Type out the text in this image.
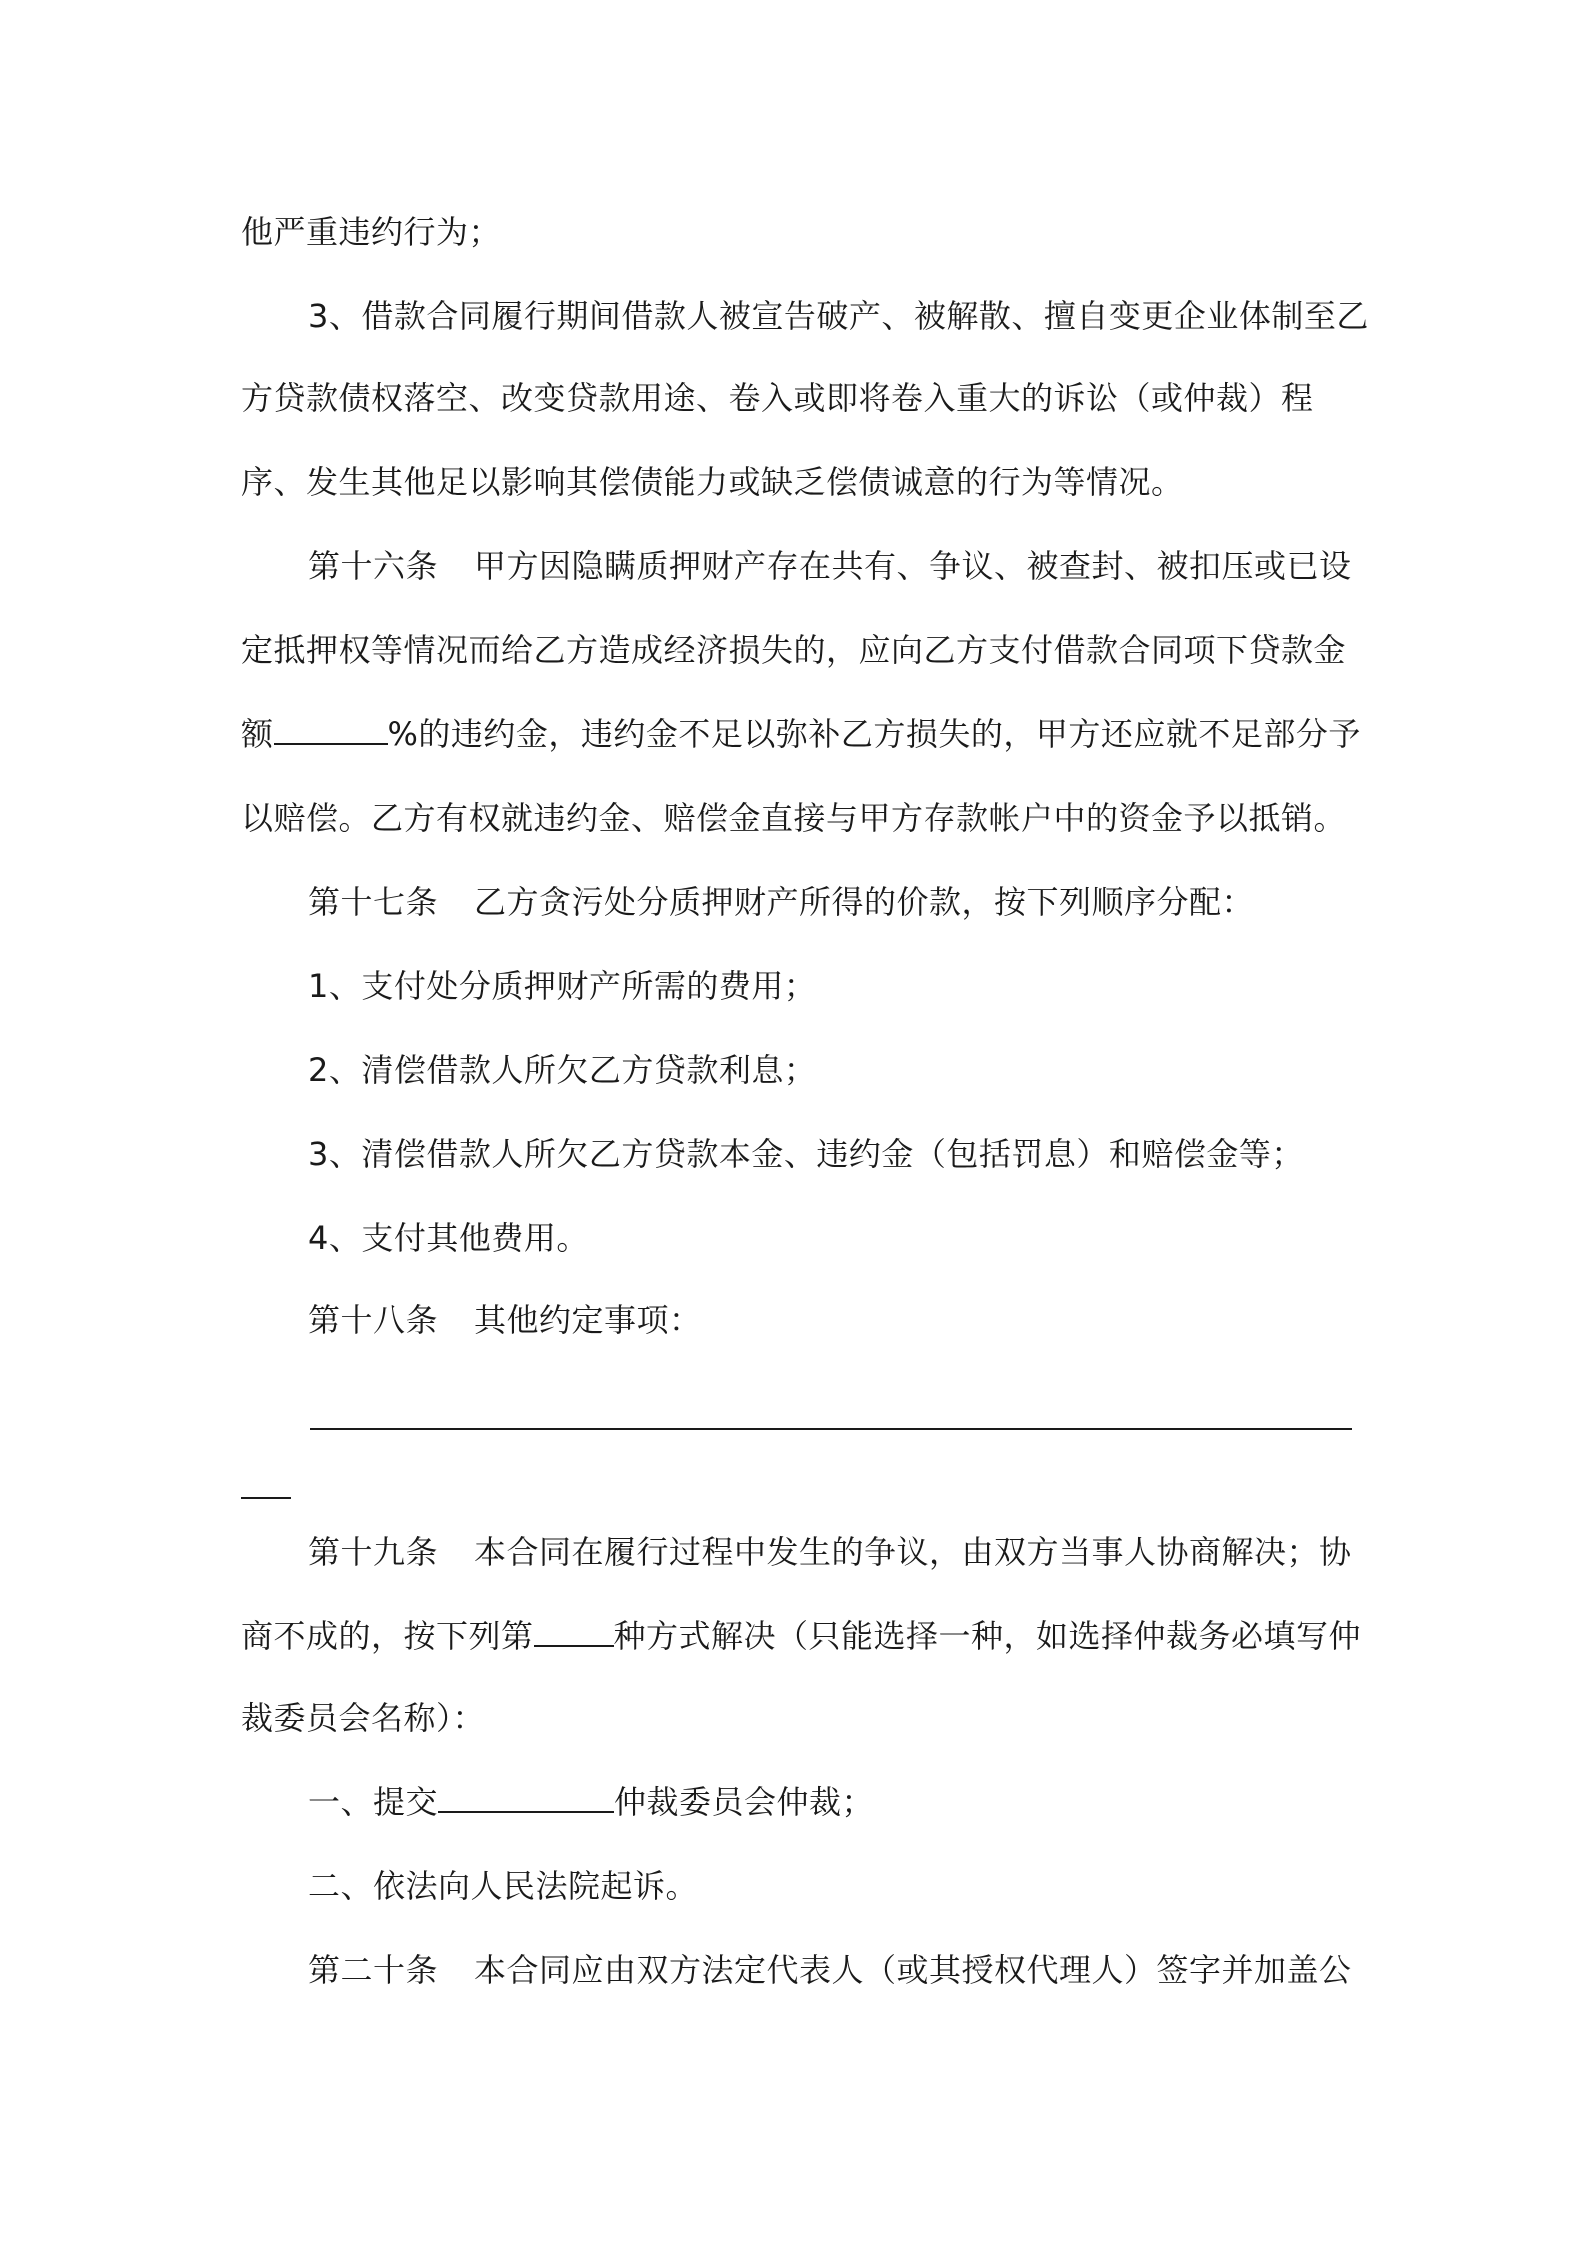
他严重违约行为；
3、借款合同履行期间借款人被宣告破产、被解散、擅自变更企业体制至乙
方贷款债权落空、改变贷款用途、卷入或即将卷入重大的诉讼（或仲裁）程
序、发生其他足以影响其偿债能力或缺乏偿债诚意的行为等情况。
第十六条 甲方因隐瞒质押财产存在共有、争议、被查封、被扣压或已设
定抵押权等情况而给乙方造成经济损失的，应向乙方支付借款合同项下贷款金
额	%的违约金，违约金不足以弥补乙方损失的，甲方还应就不足部分予
以赔偿。乙方有权就违约金、赔偿金直接与甲方存款帐户中的资金予以抵销。
第十七条 乙方贪污处分质押财产所得的价款，按下列顺序分配：
1、支付处分质押财产所需的费用；
2、清偿借款人所欠乙方贷款利息；
3、清偿借款人所欠乙方贷款本金、违约金（包括罚息）和赔偿金等；
4、支付其他费用。
第十八条 其他约定事项：
第十九条 本合同在履行过程中发生的争议，由双方当事人协商解决；协
商不成的，按下列第	种方式解决（只能选择一种，如选择仲裁务必填写仲
裁委员会名称）：
一、提交	仲裁委员会仲裁；
二、依法向人民法院起诉。
第二十条 本合同应由双方法定代表人（或其授权代理人）签字并加盖公
